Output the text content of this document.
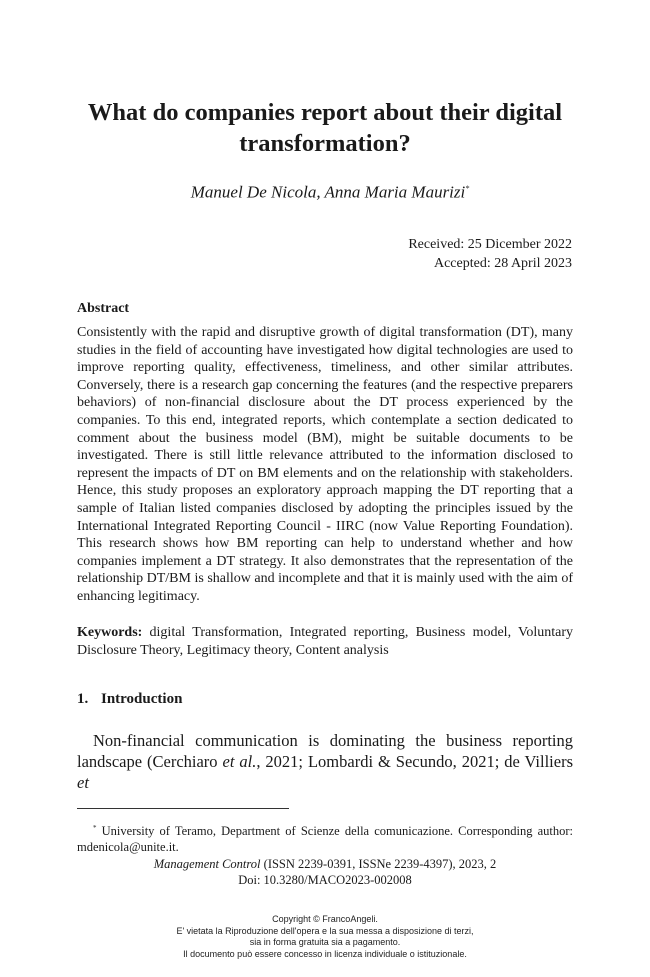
What do companies report about their digital transformation?
Manuel De Nicola, Anna Maria Maurizi*
Received: 25 Dicember 2022
Accepted: 28 April 2023
Abstract
Consistently with the rapid and disruptive growth of digital transformation (DT), many studies in the field of accounting have investigated how digital technologies are used to improve reporting quality, effectiveness, timeliness, and other similar attributes. Conversely, there is a research gap concerning the features (and the respective preparers behaviors) of non-financial disclosure about the DT process experienced by the companies. To this end, integrated reports, which contemplate a section dedicated to comment about the business model (BM), might be suitable documents to be investigated. There is still little relevance attributed to the information disclosed to represent the impacts of DT on BM elements and on the relationship with stakeholders. Hence, this study proposes an exploratory approach mapping the DT reporting that a sample of Italian listed companies disclosed by adopting the principles issued by the International Integrated Reporting Council - IIRC (now Value Reporting Foundation). This research shows how BM reporting can help to understand whether and how companies implement a DT strategy. It also demonstrates that the representation of the relationship DT/BM is shallow and incomplete and that it is mainly used with the aim of enhancing legitimacy.
Keywords: digital Transformation, Integrated reporting, Business model, Voluntary Disclosure Theory, Legitimacy theory, Content analysis
1. Introduction
Non-financial communication is dominating the business reporting landscape (Cerchiaro et al., 2021; Lombardi & Secundo, 2021; de Villiers et
* University of Teramo, Department of Scienze della comunicazione. Corresponding author: mdenicola@unite.it.
Management Control (ISSN 2239-0391, ISSNe 2239-4397), 2023, 2
Doi: 10.3280/MACO2023-002008
Copyright © FrancoAngeli.
E' vietata la Riproduzione dell'opera e la sua messa a disposizione di terzi,
sia in forma gratuita sia a pagamento.
Il documento può essere concesso in licenza individuale o istituzionale.
